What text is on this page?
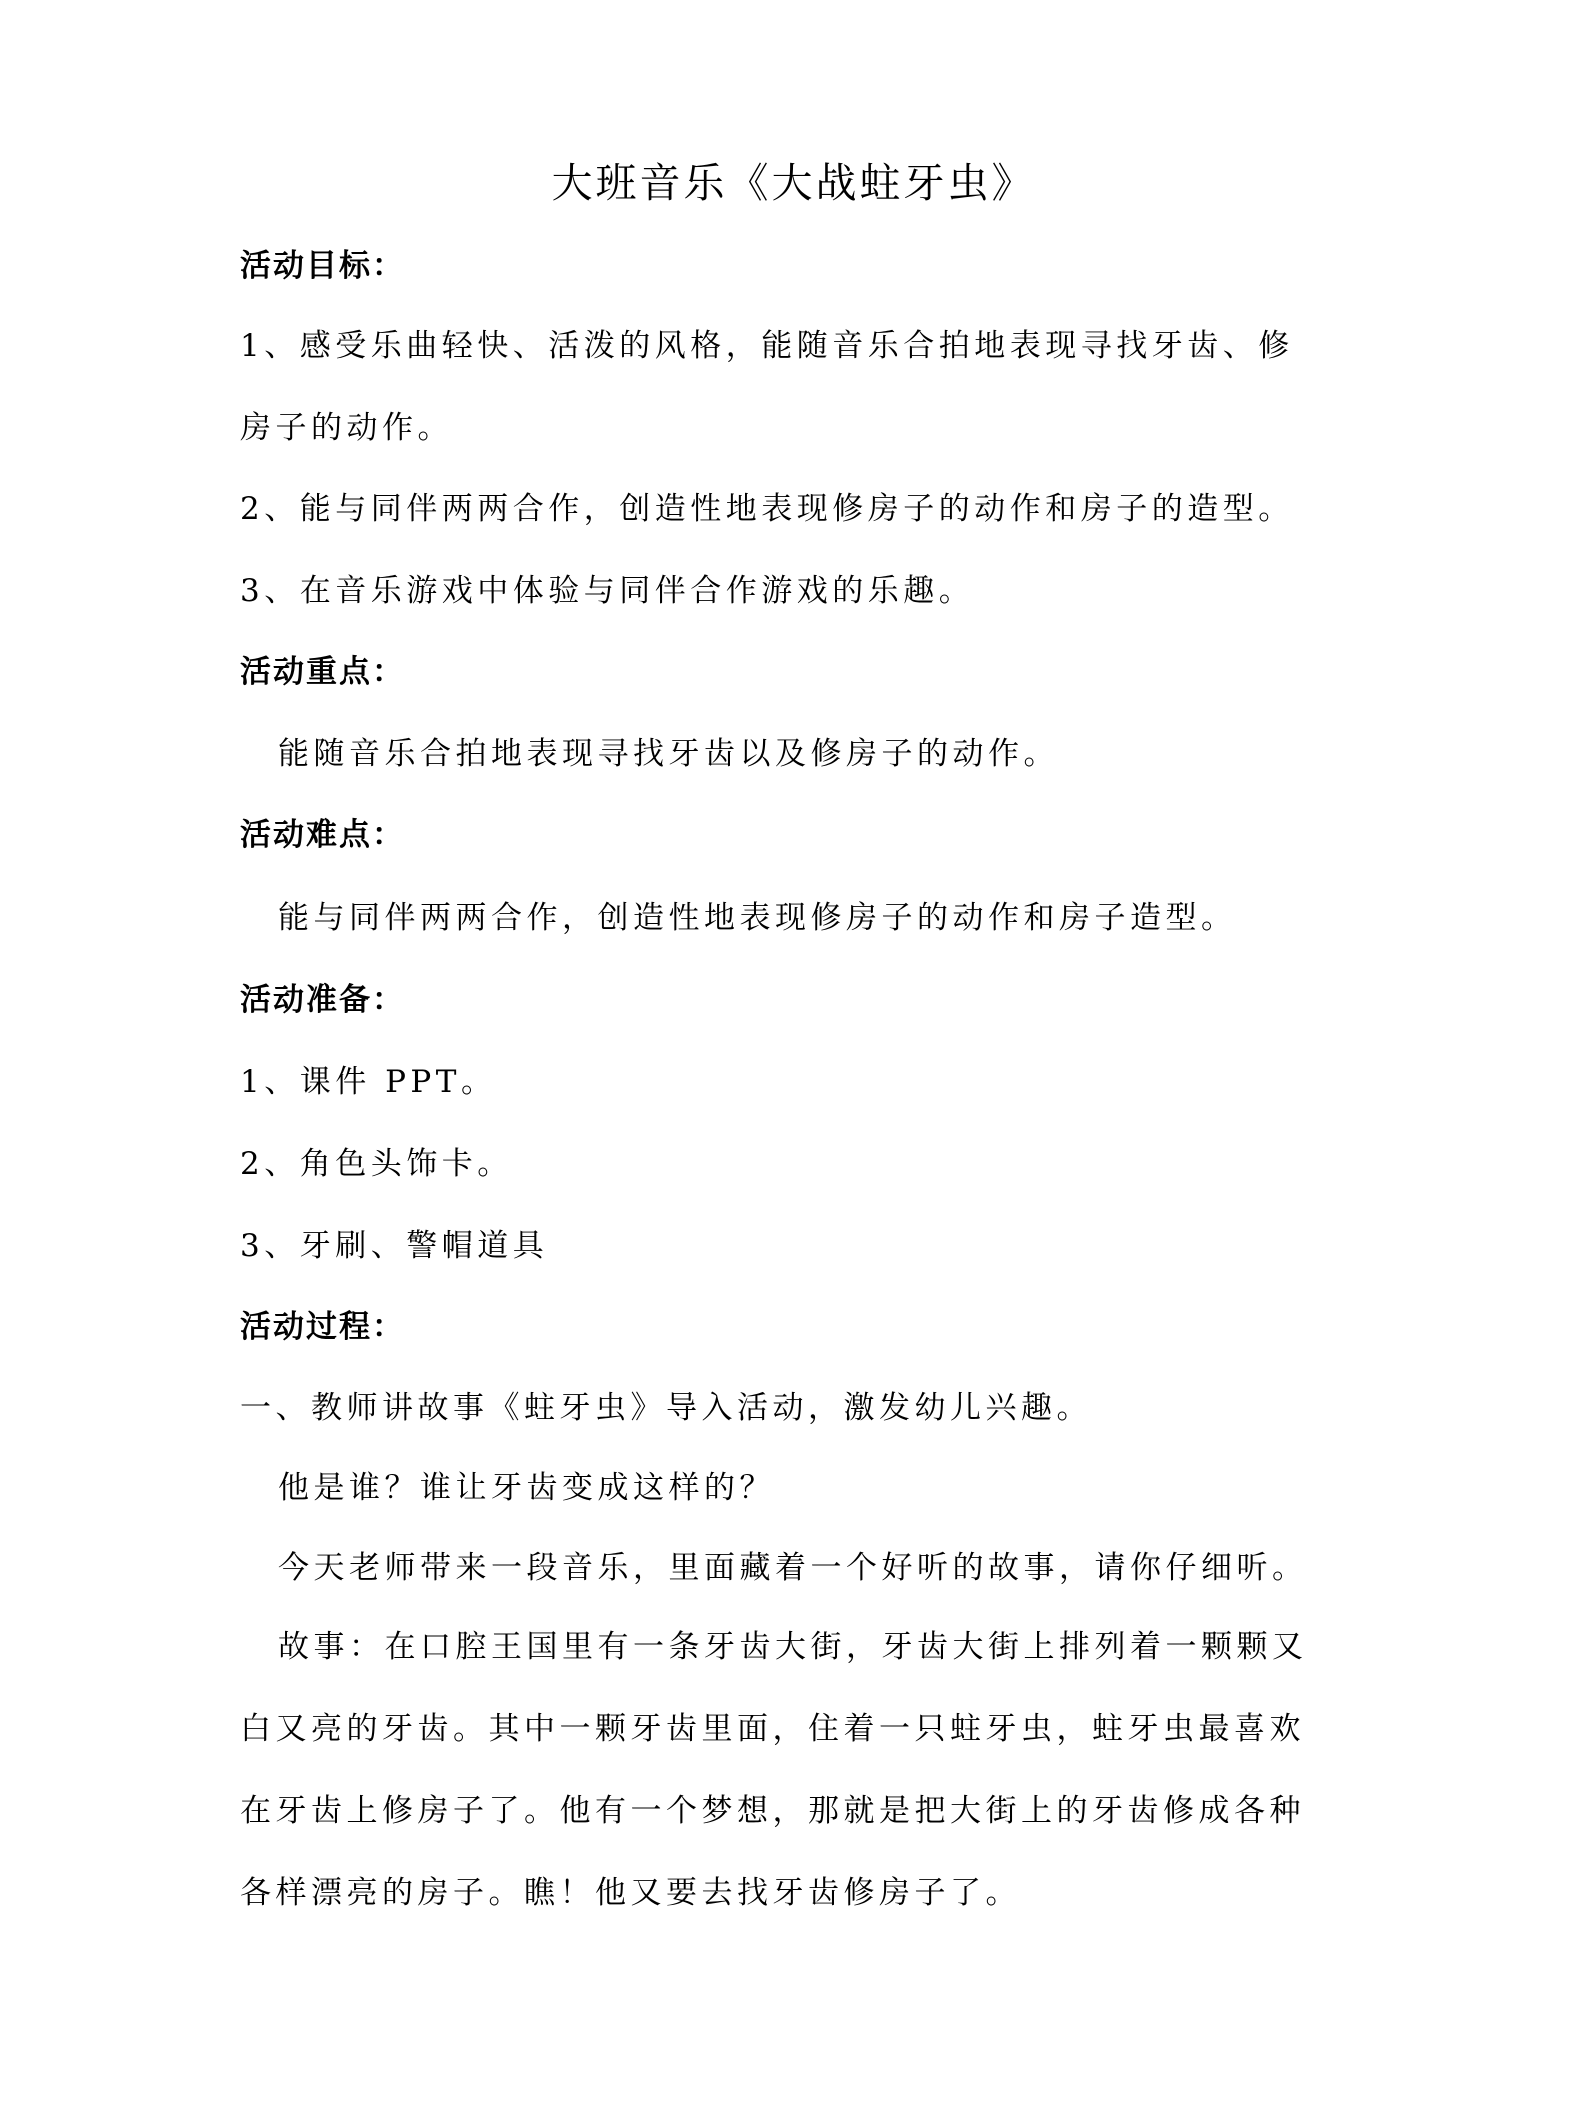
大班音乐《大战蛀牙虫》
活动目标：
1、感受乐曲轻快、活泼的风格，能随音乐合拍地表现寻找牙齿、修
房子的动作。
2、能与同伴两两合作，创造性地表现修房子的动作和房子的造型。
3、在音乐游戏中体验与同伴合作游戏的乐趣。
活动重点：
能随音乐合拍地表现寻找牙齿以及修房子的动作。
活动难点：
能与同伴两两合作，创造性地表现修房子的动作和房子造型。
活动准备：
1、课件 PPT。
2、角色头饰卡。
3、牙刷、警帽道具
活动过程：
一、教师讲故事《蛀牙虫》导入活动，激发幼儿兴趣。
他是谁？谁让牙齿变成这样的？
今天老师带来一段音乐，里面藏着一个好听的故事，请你仔细听。
故事：在口腔王国里有一条牙齿大街，牙齿大街上排列着一颗颗又
白又亮的牙齿。其中一颗牙齿里面，住着一只蛀牙虫，蛀牙虫最喜欢
在牙齿上修房子了。他有一个梦想，那就是把大街上的牙齿修成各种
各样漂亮的房子。瞧！他又要去找牙齿修房子了。
